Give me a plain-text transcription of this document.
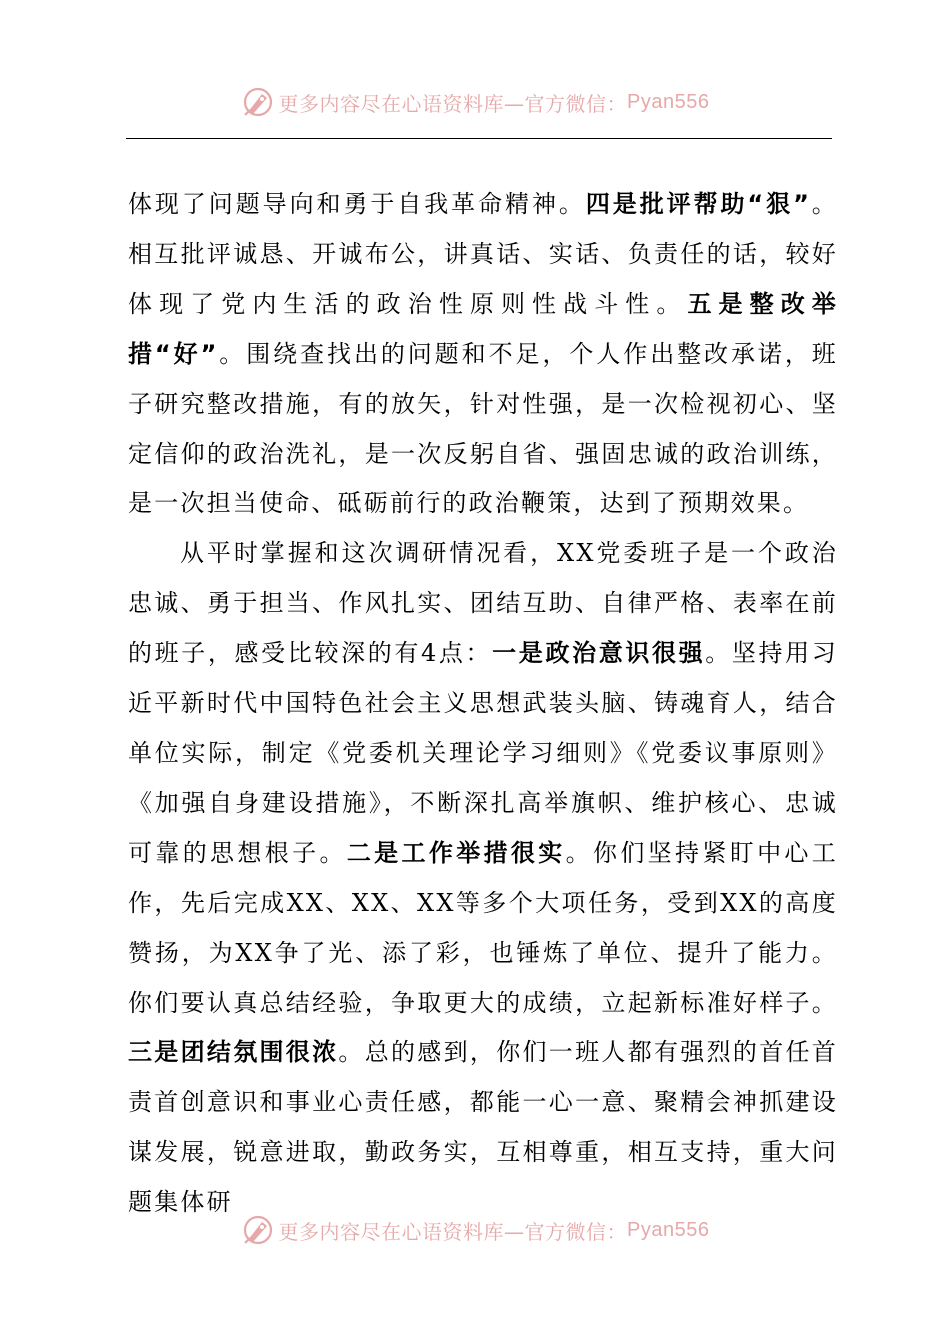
更多内容尽在心语资料库—官方微信： Pyan556

体现了问题导向和勇于自我革命精神。四是批评帮助“狠”。相互批评诚恳、开诚布公，讲真话、实话、负责任的话，较好体现了党内生活的政治性原则性战斗性。五是整改举措“好”。围绕查找出的问题和不足，个人作出整改承诺，班子研究整改措施，有的放矢，针对性强，是一次检视初心、坚定信仰的政治洗礼，是一次反躬自省、强固忠诚的政治训练，是一次担当使命、砥砺前行的政治鞭策，达到了预期效果。

从平时掌握和这次调研情况看，XX党委班子是一个政治忠诚、勇于担当、作风扎实、团结互助、自律严格、表率在前的班子，感受比较深的有4点：一是政治意识很强。坚持用习近平新时代中国特色社会主义思想武装头脑、铸魂育人，结合单位实际，制定《党委机关理论学习细则》《党委议事原则》《加强自身建设措施》，不断深扎高举旗帜、维护核心、忠诚可靠的思想根子。二是工作举措很实。你们坚持紧盯中心工作，先后完成XX、XX、XX等多个大项任务，受到XX的高度赞扬，为XX争了光、添了彩，也锤炼了单位、提升了能力。你们要认真总结经验，争取更大的成绩，立起新标准好样子。三是团结氛围很浓。总的感到，你们一班人都有强烈的首任首责首创意识和事业心责任感，都能一心一意、聚精会神抓建设谋发展，锐意进取，勤政务实，互相尊重，相互支持，重大问题集体研

更多内容尽在心语资料库—官方微信： Pyan556
